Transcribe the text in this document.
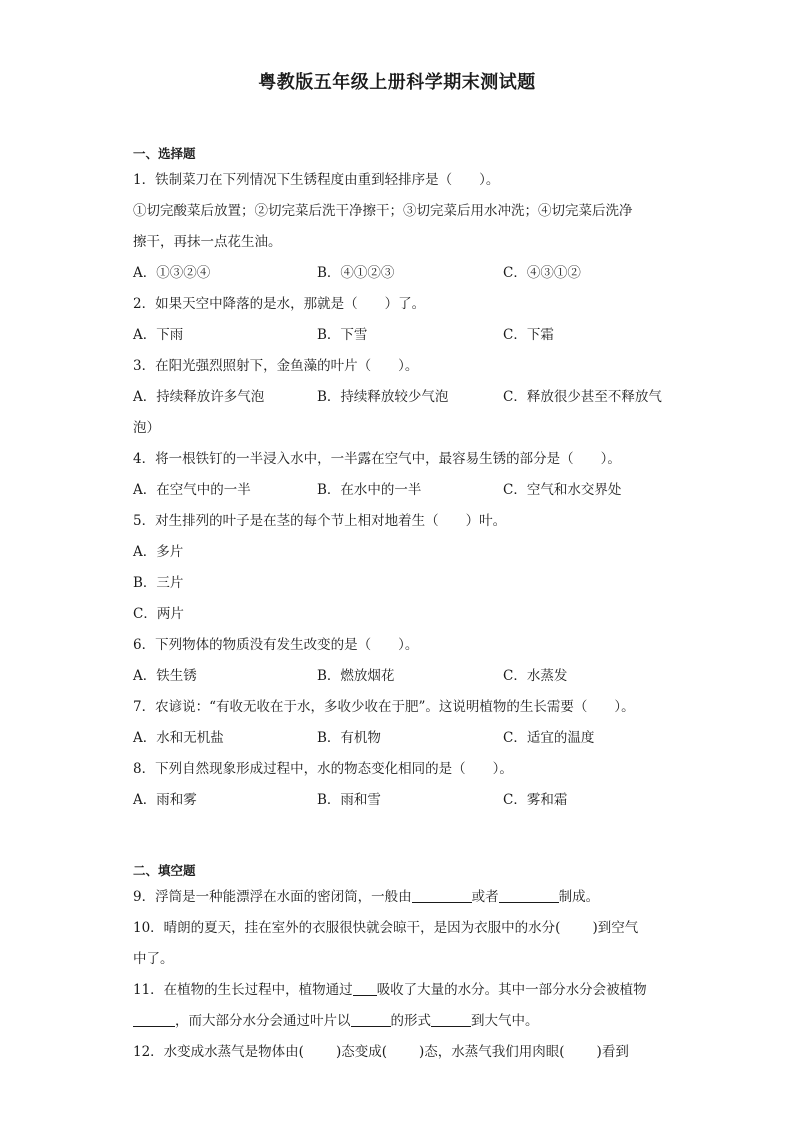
粤教版五年级上册科学期末测试题
一、选择题
1．铁制菜刀在下列情况下生锈程度由重到轻排序是（　　）。
①切完酸菜后放置；②切完菜后洗干净擦干；③切完菜后用水冲洗；④切完菜后洗净
擦干，再抹一点花生油。
A．①③②④	B．④①②③	C．④③①②
2．如果天空中降落的是水，那就是（　　）了。
A．下雨	B．下雪	C．下霜
3．在阳光强烈照射下，金鱼藻的叶片（　　）。
A．持续释放许多气泡	B．持续释放较少气泡	C．释放很少甚至不释放气
泡）
4．将一根铁钉的一半浸入水中，一半露在空气中，最容易生锈的部分是（　　）。
A．在空气中的一半	B．在水中的一半	C．空气和水交界处
5．对生排列的叶子是在茎的每个节上相对地着生（　　）叶。
A．多片
B．三片
C．两片
6．下列物体的物质没有发生改变的是（　　）。
A．铁生锈	B．燃放烟花	C．水蒸发
7．农谚说：“有收无收在于水，多收少收在于肥”。这说明植物的生长需要（　　）。
A．水和无机盐	B．有机物	C．适宜的温度
8．下列自然现象形成过程中，水的物态变化相同的是（　　）。
A．雨和雾	B．雨和雪	C．雾和霜
二、填空题
9．浮筒是一种能漂浮在水面的密闭筒，一般由	或者	制成。
10．晴朗的夏天，挂在室外的衣服很快就会晾干，是因为衣服中的水分( )到空气
中了。
11．在植物的生长过程中，植物通过 吸收了大量的水分。其中一部分水分会被植物
，而大部分水分会通过叶片以	的形式	到大气中。
12．水变成水蒸气是物体由( )态变成( )态，水蒸气我们用肉眼( )看到
